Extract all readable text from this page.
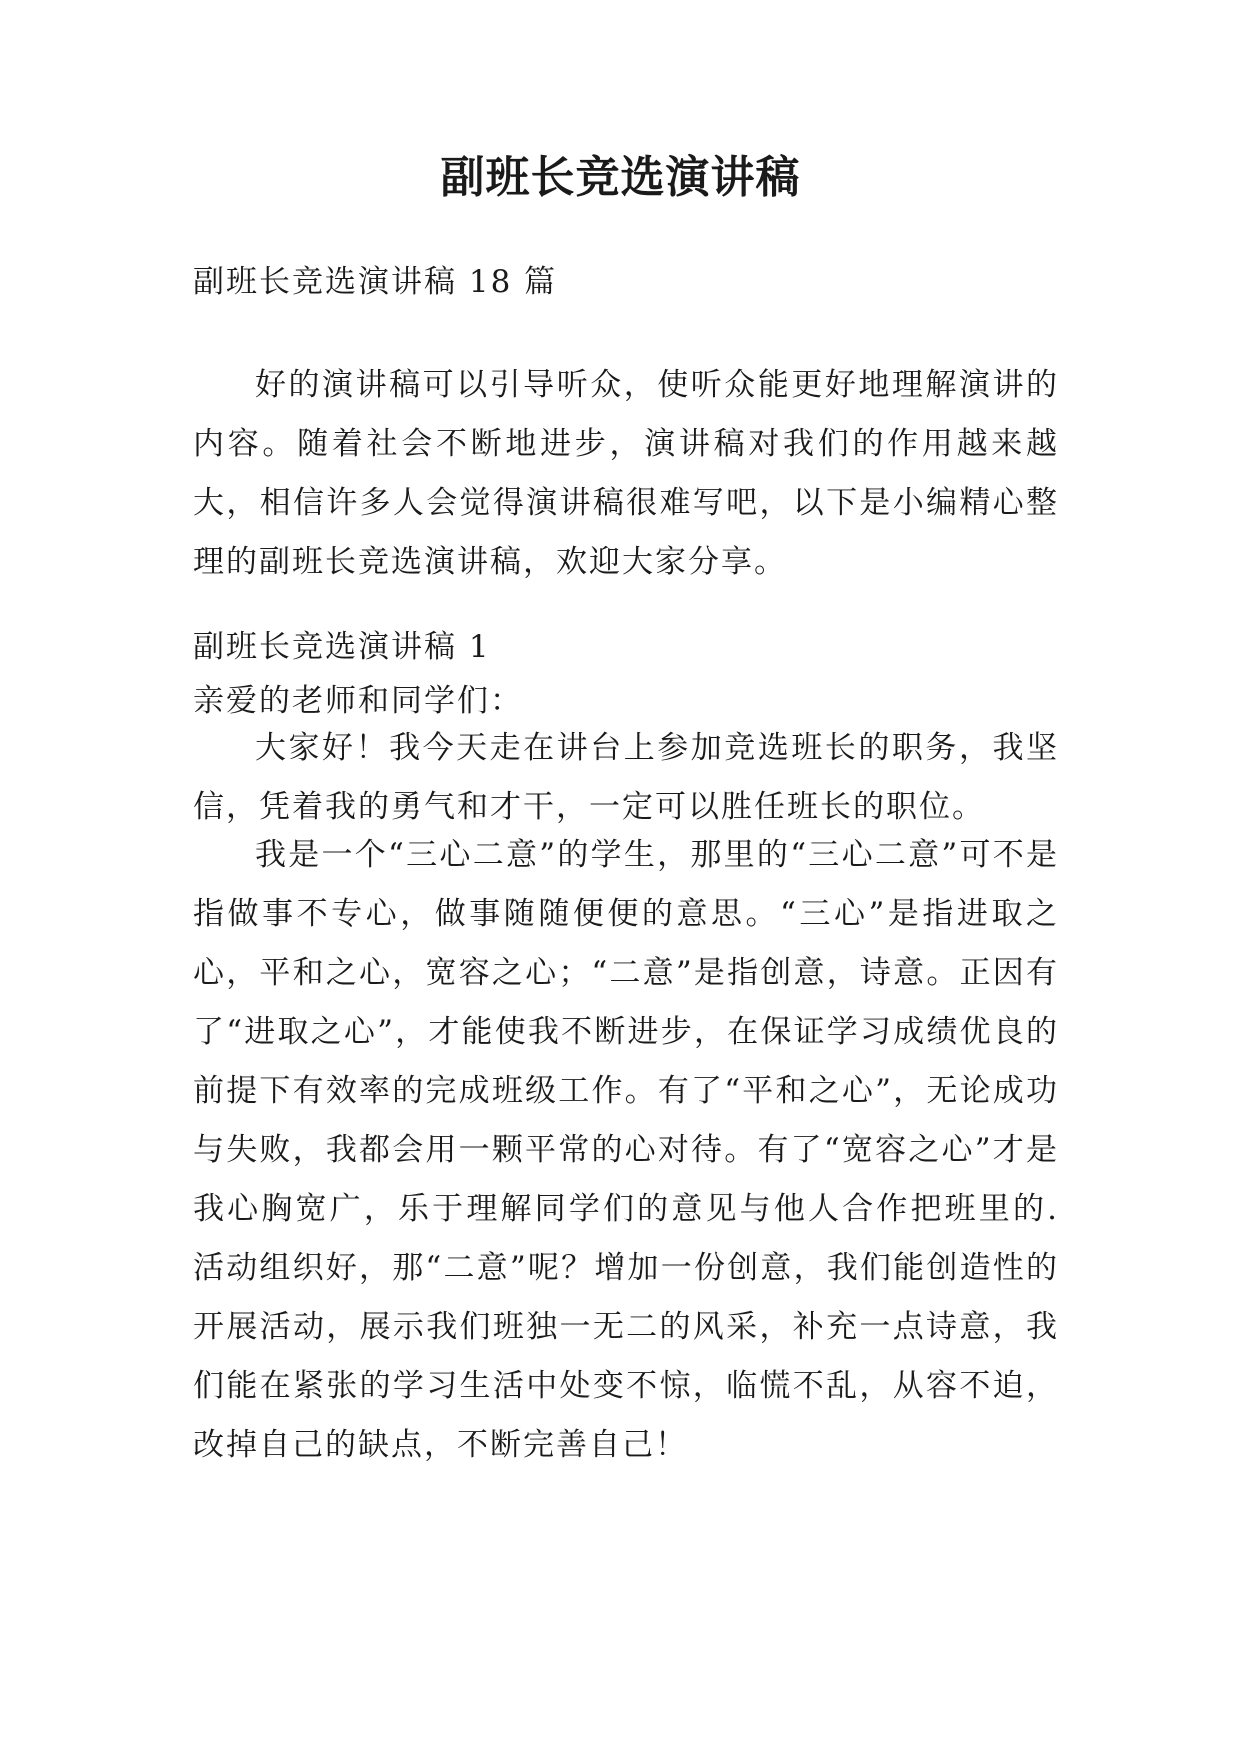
副班长竞选演讲稿
副班长竞选演讲稿 18 篇
好的演讲稿可以引导听众，使听众能更好地理解演讲的内容。随着社会不断地进步，演讲稿对我们的作用越来越大，相信许多人会觉得演讲稿很难写吧，以下是小编精心整理的副班长竞选演讲稿，欢迎大家分享。
副班长竞选演讲稿 1
亲爱的老师和同学们：
大家好！我今天走在讲台上参加竞选班长的职务，我坚信，凭着我的勇气和才干，一定可以胜任班长的职位。
我是一个“三心二意”的学生，那里的“三心二意”可不是指做事不专心，做事随随便便的意思。“三心”是指进取之心，平和之心，宽容之心；“二意”是指创意，诗意。正因有了“进取之心”，才能使我不断进步，在保证学习成绩优良的前提下有效率的完成班级工作。有了“平和之心”，无论成功与失败，我都会用一颗平常的心对待。有了“宽容之心”才是我心胸宽广，乐于理解同学们的意见与他人合作把班里的.活动组织好，那“二意”呢？增加一份创意，我们能创造性的开展活动，展示我们班独一无二的风采，补充一点诗意，我们能在紧张的学习生活中处变不惊，临慌不乱，从容不迫，改掉自己的缺点，不断完善自己！
